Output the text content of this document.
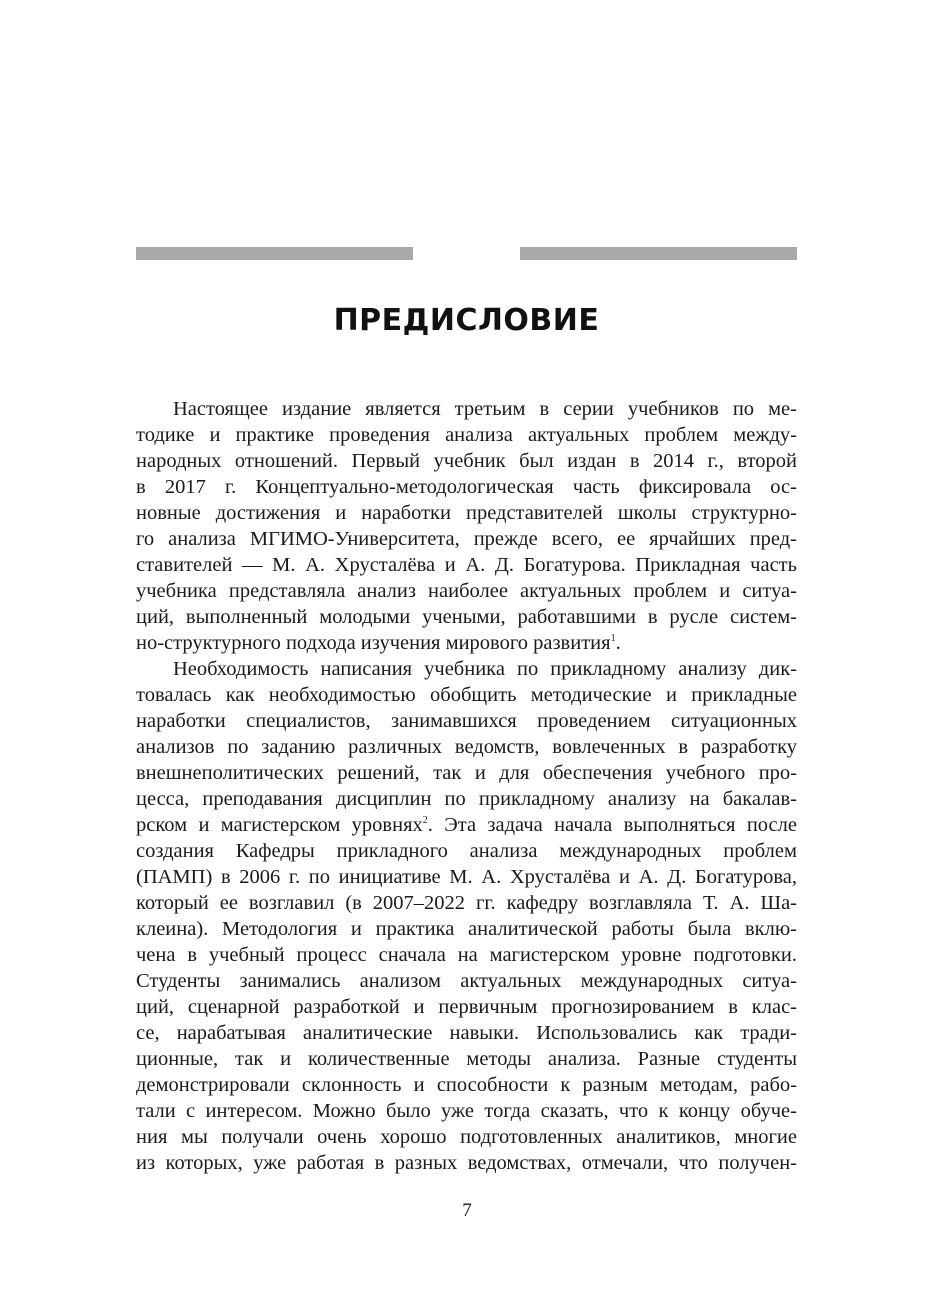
ПРЕДИСЛОВИЕ

Настоящее издание является третьим в серии учебников по ме-
тодике и практике проведения анализа актуальных проблем между-
народных отношений. Первый учебник был издан в 2014 г., второй
в 2017 г. Концептуально-методологическая часть фиксировала ос-
новные достижения и наработки представителей школы структурно-
го анализа МГИМО-Университета, прежде всего, ее ярчайших пред-
ставителей — М. А. Хрусталёва и А. Д. Богатурова. Прикладная часть
учебника представляла анализ наиболее актуальных проблем и ситуа-
ций, выполненный молодыми учеными, работавшими в русле систем-
но-структурного подхода изучения мирового развития$^1$.

Необходимость написания учебника по прикладному анализу дик-
товалась как необходимостью обобщить методические и прикладные
наработки специалистов, занимавшихся проведением ситуационных
анализов по заданию различных ведомств, вовлеченных в разработку
внешнеполитических решений, так и для обеспечения учебного про-
цесса, преподавания дисциплин по прикладному анализу на бакалав-
рском и магистерском уровнях$^2$. Эта задача начала выполняться после
создания Кафедры прикладного анализа международных проблем
(ПАМП) в 2006 г. по инициативе М. А. Хрусталёва и А. Д. Богатурова,
который ее возглавил (в 2007–2022 гг. кафедру возглавляла Т. А. Ша-
клеина). Методология и практика аналитической работы была вклю-
чена в учебный процесс сначала на магистерском уровне подготовки.
Студенты занимались анализом актуальных международных ситуа-
ций, сценарной разработкой и первичным прогнозированием в клас-
се, нарабатывая аналитические навыки. Использовались как тради-
ционные, так и количественные методы анализа. Разные студенты
демонстрировали склонность и способности к разным методам, рабо-
тали с интересом. Можно было уже тогда сказать, что к концу обуче-
ния мы получали очень хорошо подготовленных аналитиков, многие
из которых, уже работая в разных ведомствах, отмечали, что получен-

7
